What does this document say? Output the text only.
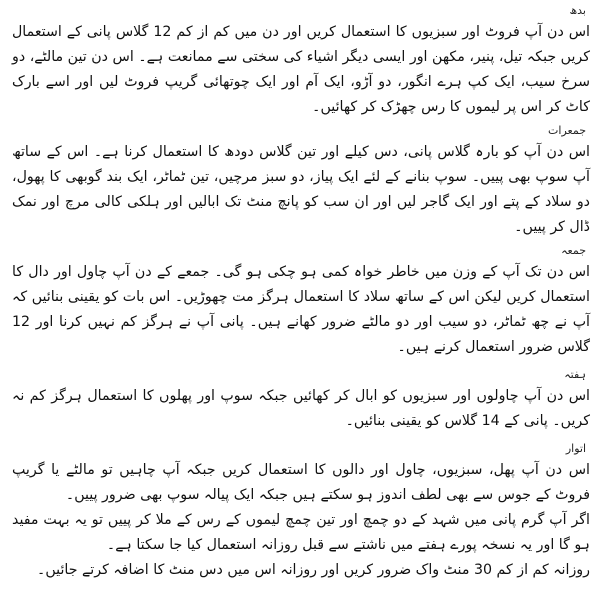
بدھ

اس دن آپ فروٹ اور سبزیوں کا استعمال کریں اور دن میں کم از کم 12 گلاس پانی کے استعمال کریں جبکہ تیل، پنیر، مکھن اور ایسی دیگر اشیاء کی سختی سے ممانعت ہے۔ اس دن تین مالٹے، دو سرخ سیب، ایک کپ ہرے انگور، دو آڑو، ایک آم اور ایک چوتھائی گریپ فروٹ لیں اور اسے بارک کاٹ کر اس پر لیموں کا رس چھڑک کر کھائیں۔

جمعرات

اس دن آپ کو بارہ گلاس پانی، دس کیلے اور تین گلاس دودھ کا استعمال کرنا ہے۔ اس کے ساتھ آپ سوپ بھی پییں۔ سوپ بنانے کے لئے ایک پیاز، دو سبز مرچیں، تین ٹماٹر، ایک بند گوبھی کا پھول، دو سلاد کے پتے اور ایک گاجر لیں اور ان سب کو پانچ منٹ تک ابالیں اور ہلکی کالی مرچ اور نمک ڈال کر پییں۔

جمعہ

اس دن تک آپ کے وزن میں خاطر خواہ کمی ہو چکی ہو گی۔ جمعے کے دن آپ چاول اور دال کا استعمال کریں لیکن اس کے ساتھ سلاد کا استعمال ہرگز مت چھوڑیں۔ اس بات کو یقینی بنائیں کہ آپ نے چھ ٹماٹر، دو سیب اور دو مالٹے ضرور کھانے ہیں۔ پانی آپ نے ہرگز کم نہیں کرنا اور 12 گلاس ضرور استعمال کرنے ہیں۔

ہفتہ

اس دن آپ چاولوں اور سبزیوں کو ابال کر کھائیں جبکہ سوپ اور پھلوں کا استعمال ہرگز کم نہ کریں۔ پانی کے 14 گلاس کو یقینی بنائیں۔

اتوار

اس دن آپ پھل، سبزیوں، چاول اور دالوں کا استعمال کریں جبکہ آپ چاہیں تو مالٹے یا گریپ فروٹ کے جوس سے بھی لطف اندوز ہو سکتے ہیں جبکہ ایک پیالہ سوپ بھی ضرور پییں۔

اگر آپ گرم پانی میں شہد کے دو چمچ اور تین چمچ لیموں کے رس کے ملا کر پییں تو یہ بہت مفید ہو گا اور یہ نسخہ پورے ہفتے میں ناشتے سے قبل روزانہ استعمال کیا جا سکتا ہے۔

روزانہ کم از کم 30 منٹ واک ضرور کریں اور روزانہ اس میں دس منٹ کا اضافہ کرتے جائیں۔
